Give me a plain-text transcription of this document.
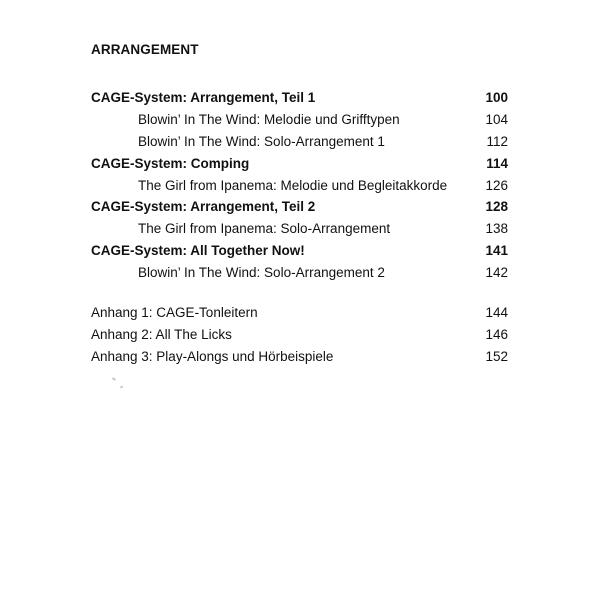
ARRANGEMENT
CAGE-System: Arrangement, Teil 1	100
Blowin’ In The Wind: Melodie und Grifftypen	104
Blowin’ In The Wind: Solo-Arrangement 1	112
CAGE-System: Comping	114
The Girl from Ipanema: Melodie und Begleitakkorde	126
CAGE-System: Arrangement, Teil 2	128
The Girl from Ipanema: Solo-Arrangement	138
CAGE-System: All Together Now!	141
Blowin’ In The Wind: Solo-Arrangement 2	142
Anhang 1: CAGE-Tonleitern	144
Anhang 2: All The Licks	146
Anhang 3: Play-Alongs und Hörbeispiele	152
